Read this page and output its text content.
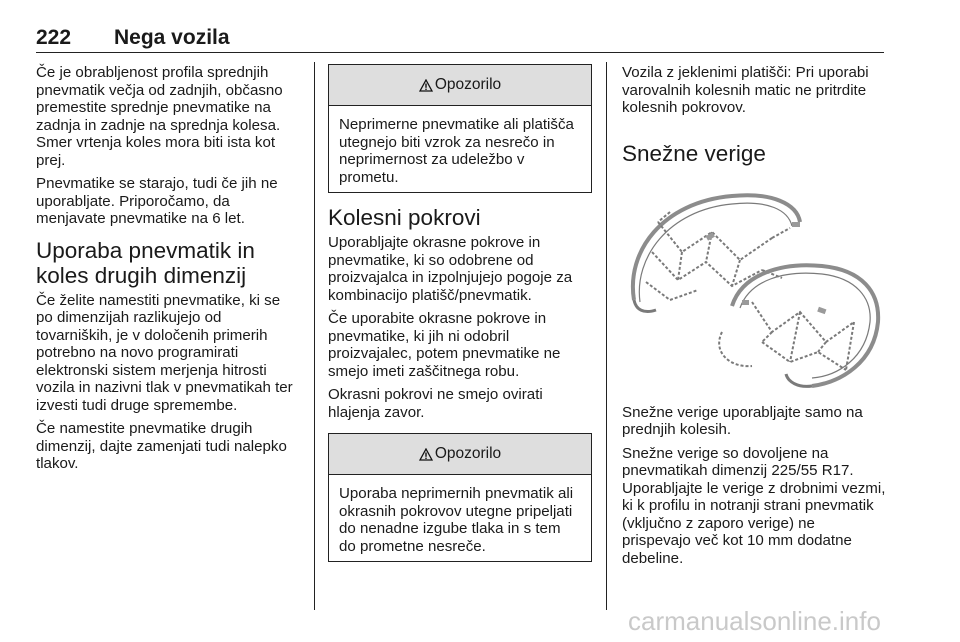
222 Nega vozila

Če je obrabljenost profila sprednjih pnevmatik večja od zadnjih, občasno premestite sprednje pnevmatike na zadnja in zadnje na sprednja kolesa. Smer vrtenja koles mora biti ista kot prej.

Pnevmatike se starajo, tudi če jih ne uporabljate. Priporočamo, da menjavate pnevmatike na 6 let.

Uporaba pnevmatik in koles drugih dimenzij

Če želite namestiti pnevmatike, ki se po dimenzijah razlikujejo od tovarniških, je v določenih primerih potrebno na novo programirati elektronski sistem merjenja hitrosti vozila in nazivni tlak v pnevmatikah ter izvesti tudi druge spremembe.

Če namestite pnevmatike drugih dimenzij, dajte zamenjati tudi nalepko tlakov.

Opozorilo

Neprimerne pnevmatike ali platišča utegnejo biti vzrok za nesrečo in neprimernost za udeležbo v prometu.

Kolesni pokrovi

Uporabljajte okrasne pokrove in pnevmatike, ki so odobrene od proizvajalca in izpolnjujejo pogoje za kombinacijo platišč/pnevmatik.

Če uporabite okrasne pokrove in pnevmatike, ki jih ni odobril proizvajalec, potem pnevmatike ne smejo imeti zaščitnega robu.

Okrasni pokrovi ne smejo ovirati hlajenja zavor.

Opozorilo

Uporaba neprimernih pnevmatik ali okrasnih pokrovov utegne pripeljati do nenadne izgube tlaka in s tem do prometne nesreče.

Vozila z jeklenimi platišči: Pri uporabi varovalnih kolesnih matic ne pritrdite kolesnih pokrovov.

Snežne verige

Snežne verige uporabljajte samo na prednjih kolesih.

Snežne verige so dovoljene na pnevmatikah dimenzij 225/55 R17. Uporabljajte le verige z drobnimi vezmi, ki k profilu in notranji strani pnevmatik (vključno z zaporo verige) ne prispevajo več kot 10 mm dodatne debeline.

carmanualsonline.info
